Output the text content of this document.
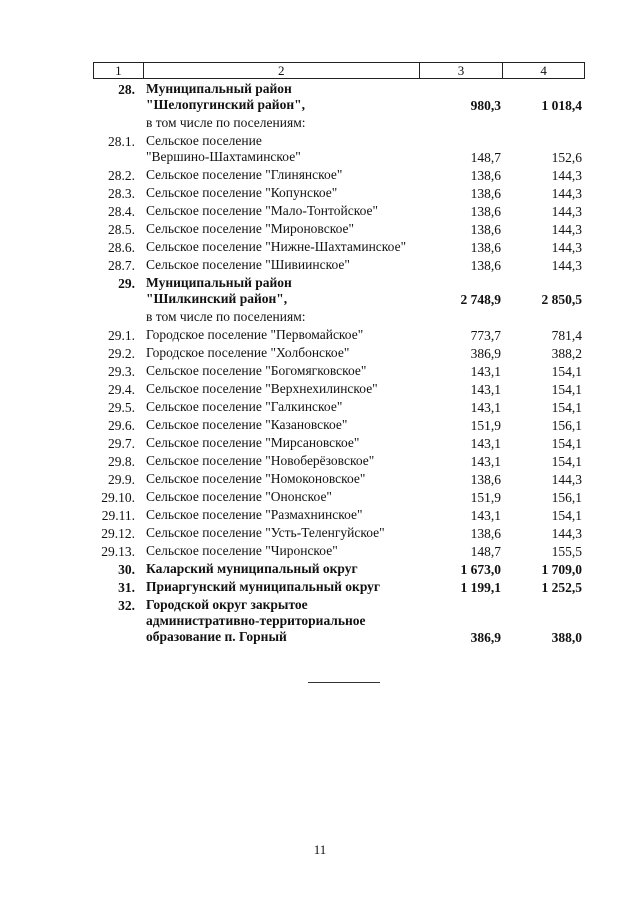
1	2	3	4
28. Муниципальный район
"Шелопугинский район",	980,3	1 018,4
в том числе по поселениям:
28.1. Сельское поселение
"Вершино-Шахтаминское"	148,7	152,6
28.2. Сельское поселение "Глинянское"	138,6	144,3
28.3. Сельское поселение "Копунское"	138,6	144,3
28.4. Сельское поселение "Мало-Тонтойское"	138,6	144,3
28.5. Сельское поселение "Мироновское"	138,6	144,3
28.6. Сельское поселение "Нижне-Шахтаминское"	138,6	144,3
28.7. Сельское поселение "Шивиинское"	138,6	144,3
29. Муниципальный район
"Шилкинский район",	2 748,9	2 850,5
в том числе по поселениям:
29.1. Городское поселение "Первомайское"	773,7	781,4
29.2. Городское поселение "Холбонское"	386,9	388,2
29.3. Сельское поселение "Богомягковское"	143,1	154,1
29.4. Сельское поселение "Верхнехилинское"	143,1	154,1
29.5. Сельское поселение "Галкинское"	143,1	154,1
29.6. Сельское поселение "Казановское"	151,9	156,1
29.7. Сельское поселение "Мирсановское"	143,1	154,1
29.8. Сельское поселение "Новоберёзовское"	143,1	154,1
29.9. Сельское поселение "Номоконовское"	138,6	144,3
29.10. Сельское поселение "Ононское"	151,9	156,1
29.11. Сельское поселение "Размахнинское"	143,1	154,1
29.12. Сельское поселение "Усть-Теленгуйское"	138,6	144,3
29.13. Сельское поселение "Чиронское"	148,7	155,5
30. Каларский муниципальный округ	1 673,0	1 709,0
31. Приаргунский муниципальный округ	1 199,1	1 252,5
32. Городской округ закрытое
административно-территориальное
образование п. Горный	386,9	388,0
11
